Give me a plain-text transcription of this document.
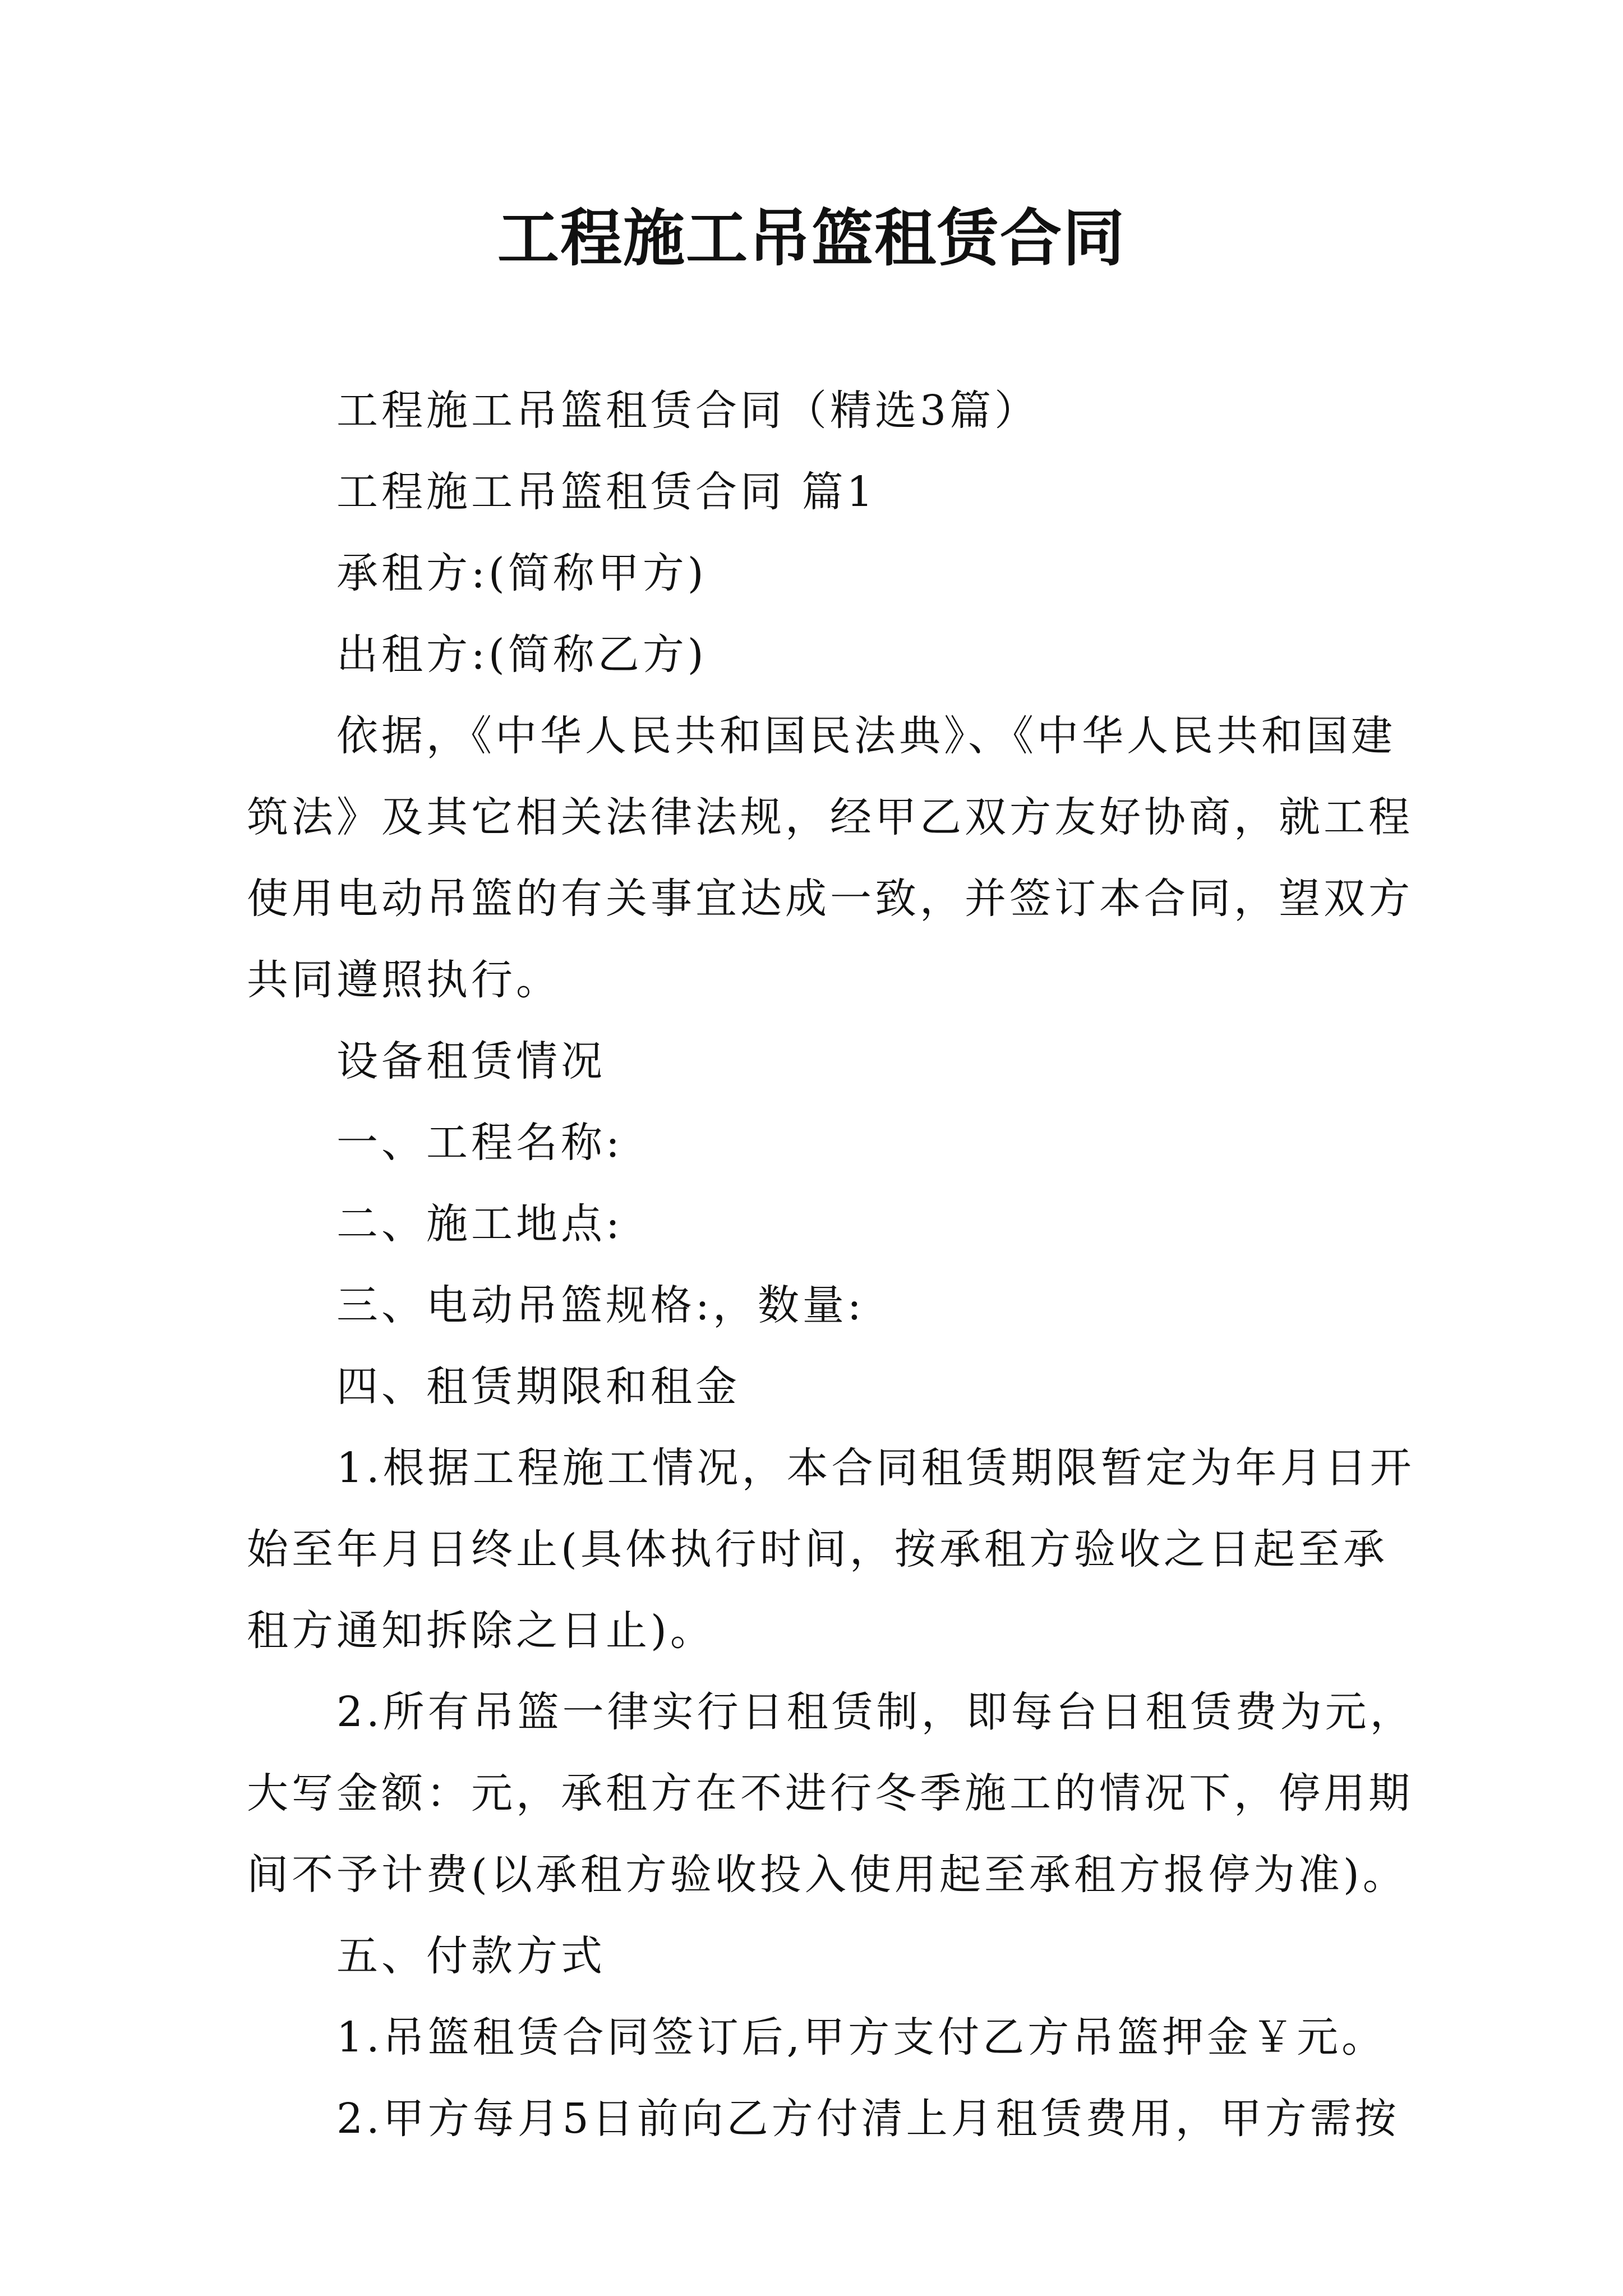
工程施工吊篮租赁合同
工程施工吊篮租赁合同（精选3篇）
工程施工吊篮租赁合同 篇1
承租方:(简称甲方)
出租方:(简称乙方)
依据，《中华人民共和国民法典》、《中华人民共和国建
筑法》及其它相关法律法规，经甲乙双方友好协商，就工程
使用电动吊篮的有关事宜达成一致，并签订本合同，望双方
共同遵照执行。
设备租赁情况
一、工程名称:
二、施工地点:
三、电动吊篮规格:，数量:
四、租赁期限和租金
1.根据工程施工情况，本合同租赁期限暂定为年月日开
始至年月日终止(具体执行时间，按承租方验收之日起至承
租方通知拆除之日止)。
2.所有吊篮一律实行日租赁制，即每台日租赁费为元，
大写金额：元，承租方在不进行冬季施工的情况下，停用期
间不予计费(以承租方验收投入使用起至承租方报停为准)。
五、付款方式
1.吊篮租赁合同签订后,甲方支付乙方吊篮押金￥元。
2.甲方每月5日前向乙方付清上月租赁费用，甲方需按
